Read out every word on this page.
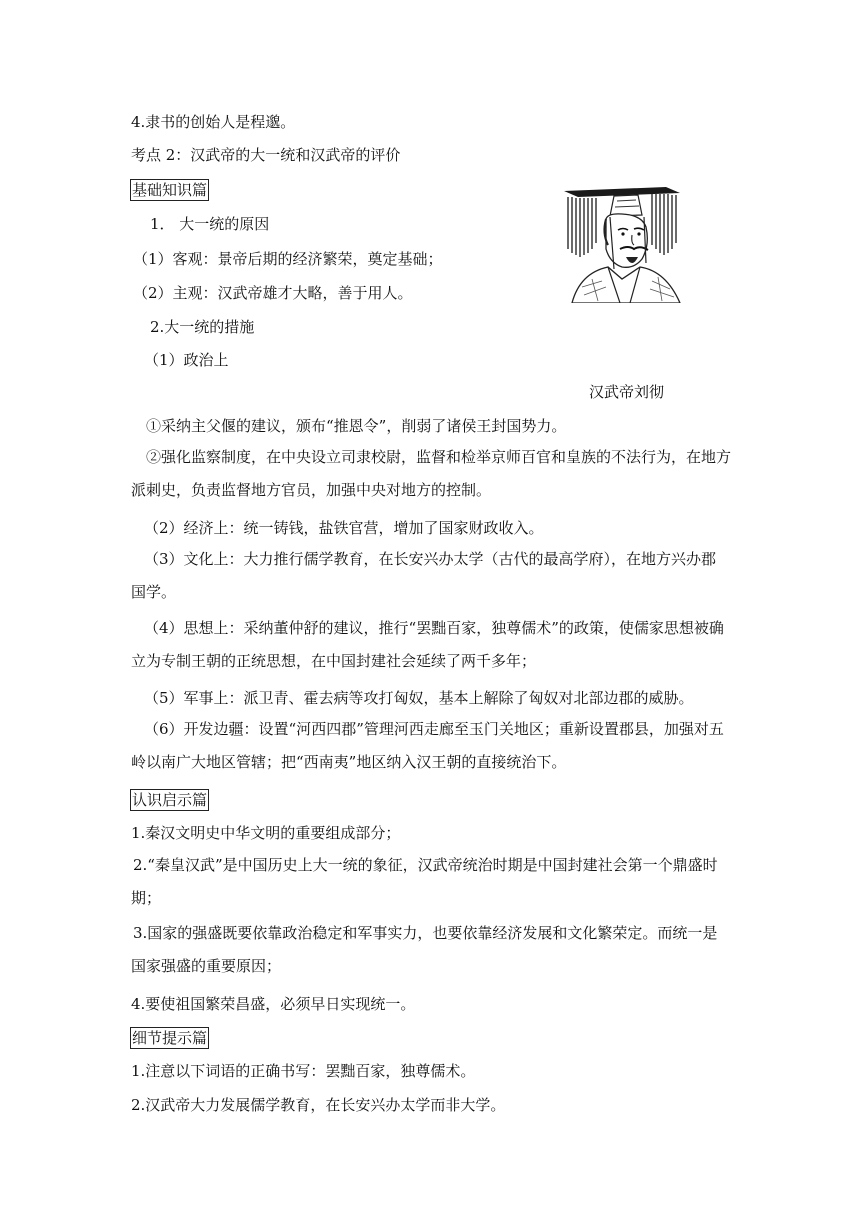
4.隶书的创始人是程邈。
考点 2：汉武帝的大一统和汉武帝的评价
基础知识篇
1． 大一统的原因
（1）客观：景帝后期的经济繁荣，奠定基础；
（2）主观：汉武帝雄才大略，善于用人。
2.大一统的措施
（1）政治上
汉武帝刘彻
①采纳主父偃的建议，颁布“推恩令”，削弱了诸侯王封国势力。
②强化监察制度，在中央设立司隶校尉，监督和检举京师百官和皇族的不法行为，在地方派刺史，负责监督地方官员，加强中央对地方的控制。
（2）经济上：统一铸钱，盐铁官营，增加了国家财政收入。
（3）文化上：大力推行儒学教育，在长安兴办太学（古代的最高学府），在地方兴办郡国学。
（4）思想上：采纳董仲舒的建议，推行“罢黜百家，独尊儒术”的政策，使儒家思想被确立为专制王朝的正统思想，在中国封建社会延续了两千多年；
（5）军事上：派卫青、霍去病等攻打匈奴，基本上解除了匈奴对北部边郡的威胁。
（6）开发边疆：设置“河西四郡”管理河西走廊至玉门关地区；重新设置郡县，加强对五岭以南广大地区管辖；把“西南夷”地区纳入汉王朝的直接统治下。
认识启示篇
1.秦汉文明史中华文明的重要组成部分；
2.“秦皇汉武”是中国历史上大一统的象征，汉武帝统治时期是中国封建社会第一个鼎盛时期；
3.国家的强盛既要依靠政治稳定和军事实力，也要依靠经济发展和文化繁荣定。而统一是国家强盛的重要原因；
4.要使祖国繁荣昌盛，必须早日实现统一。
细节提示篇
1.注意以下词语的正确书写：罢黜百家，独尊儒术。
2.汉武帝大力发展儒学教育，在长安兴办太学而非大学。
